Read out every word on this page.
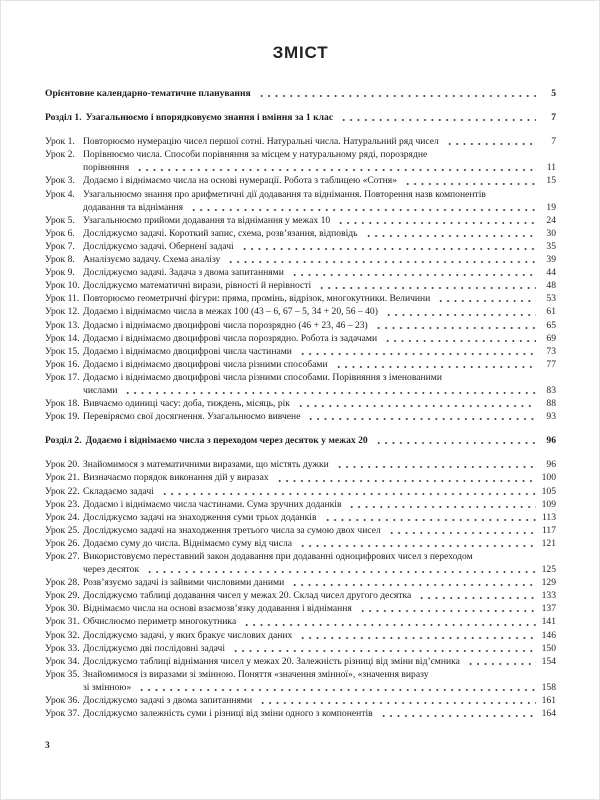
ЗМІСТ
Орієнтовне календарно-тематичне планування	5
Розділ 1. Узагальнюємо і впорядковуємо знання і вміння за 1 клас	7
Урок 1. Повторюємо нумерацію чисел першої сотні. Натуральні числа. Натуральний ряд чисел	7
Урок 2. Порівнюємо числа. Способи порівняння за місцем у натуральному ряді, порозрядне
порівняння	11
Урок 3. Додаємо і віднімаємо числа на основі нумерації. Робота з таблицею «Сотня»	15
Урок 4. Узагальнюємо знання про арифметичні дії додавання та віднімання. Повторення назв компонентів
додавання та віднімання	19
Урок 5. Узагальнюємо прийоми додавання та віднімання у межах 10	24
Урок 6. Досліджуємо задачі. Короткий запис, схема, розв’язання, відповідь	30
Урок 7. Досліджуємо задачі. Обернені задачі	35
Урок 8. Аналізуємо задачу. Схема аналізу	39
Урок 9. Досліджуємо задачі. Задача з двома запитаннями	44
Урок 10. Досліджуємо математичні вирази, рівності й нерівності	48
Урок 11. Повторюємо геометричні фігури: пряма, промінь, відрізок, многокутники. Величини	53
Урок 12. Додаємо і віднімаємо числа в межах 100 (43 – 6, 67 – 5, 34 + 20, 56 – 40)	61
Урок 13. Додаємо і віднімаємо двоцифрові числа порозрядно (46 + 23, 46 – 23)	65
Урок 14. Додаємо і віднімаємо двоцифрові числа порозрядно. Робота із задачами	69
Урок 15. Додаємо і віднімаємо двоцифрові числа частинами	73
Урок 16. Додаємо і віднімаємо двоцифрові числа різними способами	77
Урок 17. Додаємо і віднімаємо двоцифрові числа різними способами. Порівняння з іменованими
числами	83
Урок 18. Вивчаємо одиниці часу: доба, тиждень, місяць, рік	88
Урок 19. Перевіряємо свої досягнення. Узагальнюємо вивчене	93
Розділ 2. Додаємо і віднімаємо числа з переходом через десяток у межах 20	96
Урок 20. Знайомимося з математичними виразами, що містять дужки	96
Урок 21. Визначаємо порядок виконання дій у виразах	100
Урок 22. Складаємо задачі	105
Урок 23. Додаємо і віднімаємо числа частинами. Сума зручних доданків	109
Урок 24. Досліджуємо задачі на знаходження суми трьох доданків	113
Урок 25. Досліджуємо задачі на знаходження третього числа за сумою двох чисел	117
Урок 26. Додаємо суму до числа. Віднімаємо суму від числа	121
Урок 27. Використовуємо переставний закон додавання при додаванні одноцифрових чисел з переходом
через десяток	125
Урок 28. Розв’язуємо задачі із зайвими числовими даними	129
Урок 29. Досліджуємо таблиці додавання чисел у межах 20. Склад чисел другого десятка	133
Урок 30. Віднімаємо числа на основі взаємозв’язку додавання і віднімання	137
Урок 31. Обчислюємо периметр многокутника	141
Урок 32. Досліджуємо задачі, у яких бракує числових даних	146
Урок 33. Досліджуємо дві послідовні задачі	150
Урок 34. Досліджуємо таблиці віднімання чисел у межах 20. Залежність різниці від зміни від’ємника	154
Урок 35. Знайомимося із виразами зі змінною. Поняття «значення змінної», «значення виразу
зі змінною»	158
Урок 36. Досліджуємо задачі з двома запитаннями	161
Урок 37. Досліджуємо залежність суми і різниці від зміни одного з компонентів	164
3
